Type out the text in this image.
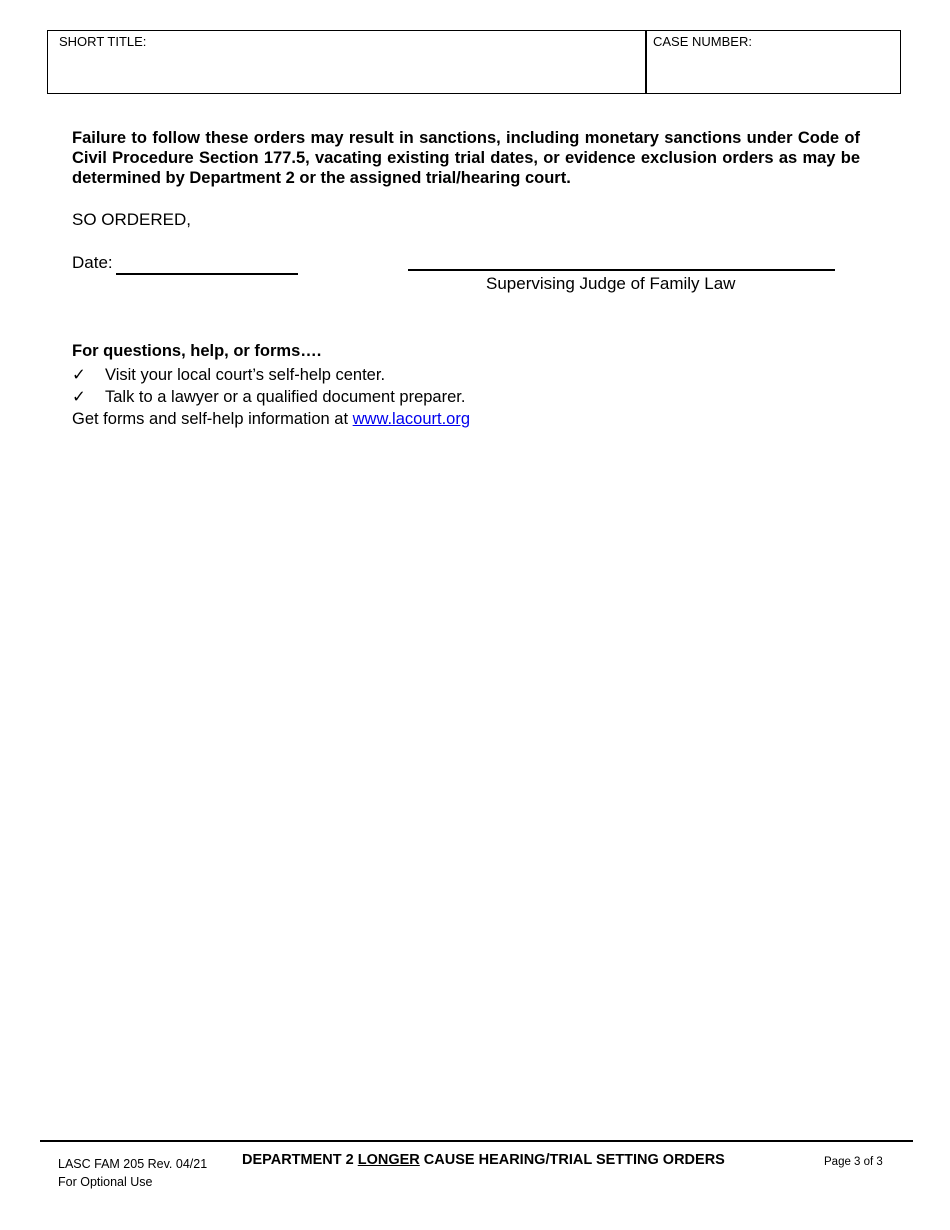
SHORT TITLE:	CASE NUMBER:
Failure to follow these orders may result in sanctions, including monetary sanctions under Code of Civil Procedure Section 177.5, vacating existing trial dates, or evidence exclusion orders as may be determined by Department 2 or the assigned trial/hearing court.
SO ORDERED,
Date:
Supervising Judge of Family Law
For questions, help, or forms….
✓ Visit your local court’s self-help center.
✓ Talk to a lawyer or a qualified document preparer.
Get forms and self-help information at www.lacourt.org
LASC FAM 205 Rev. 04/21
For Optional Use
DEPARTMENT 2 LONGER CAUSE HEARING/TRIAL SETTING ORDERS	Page 3 of 3
